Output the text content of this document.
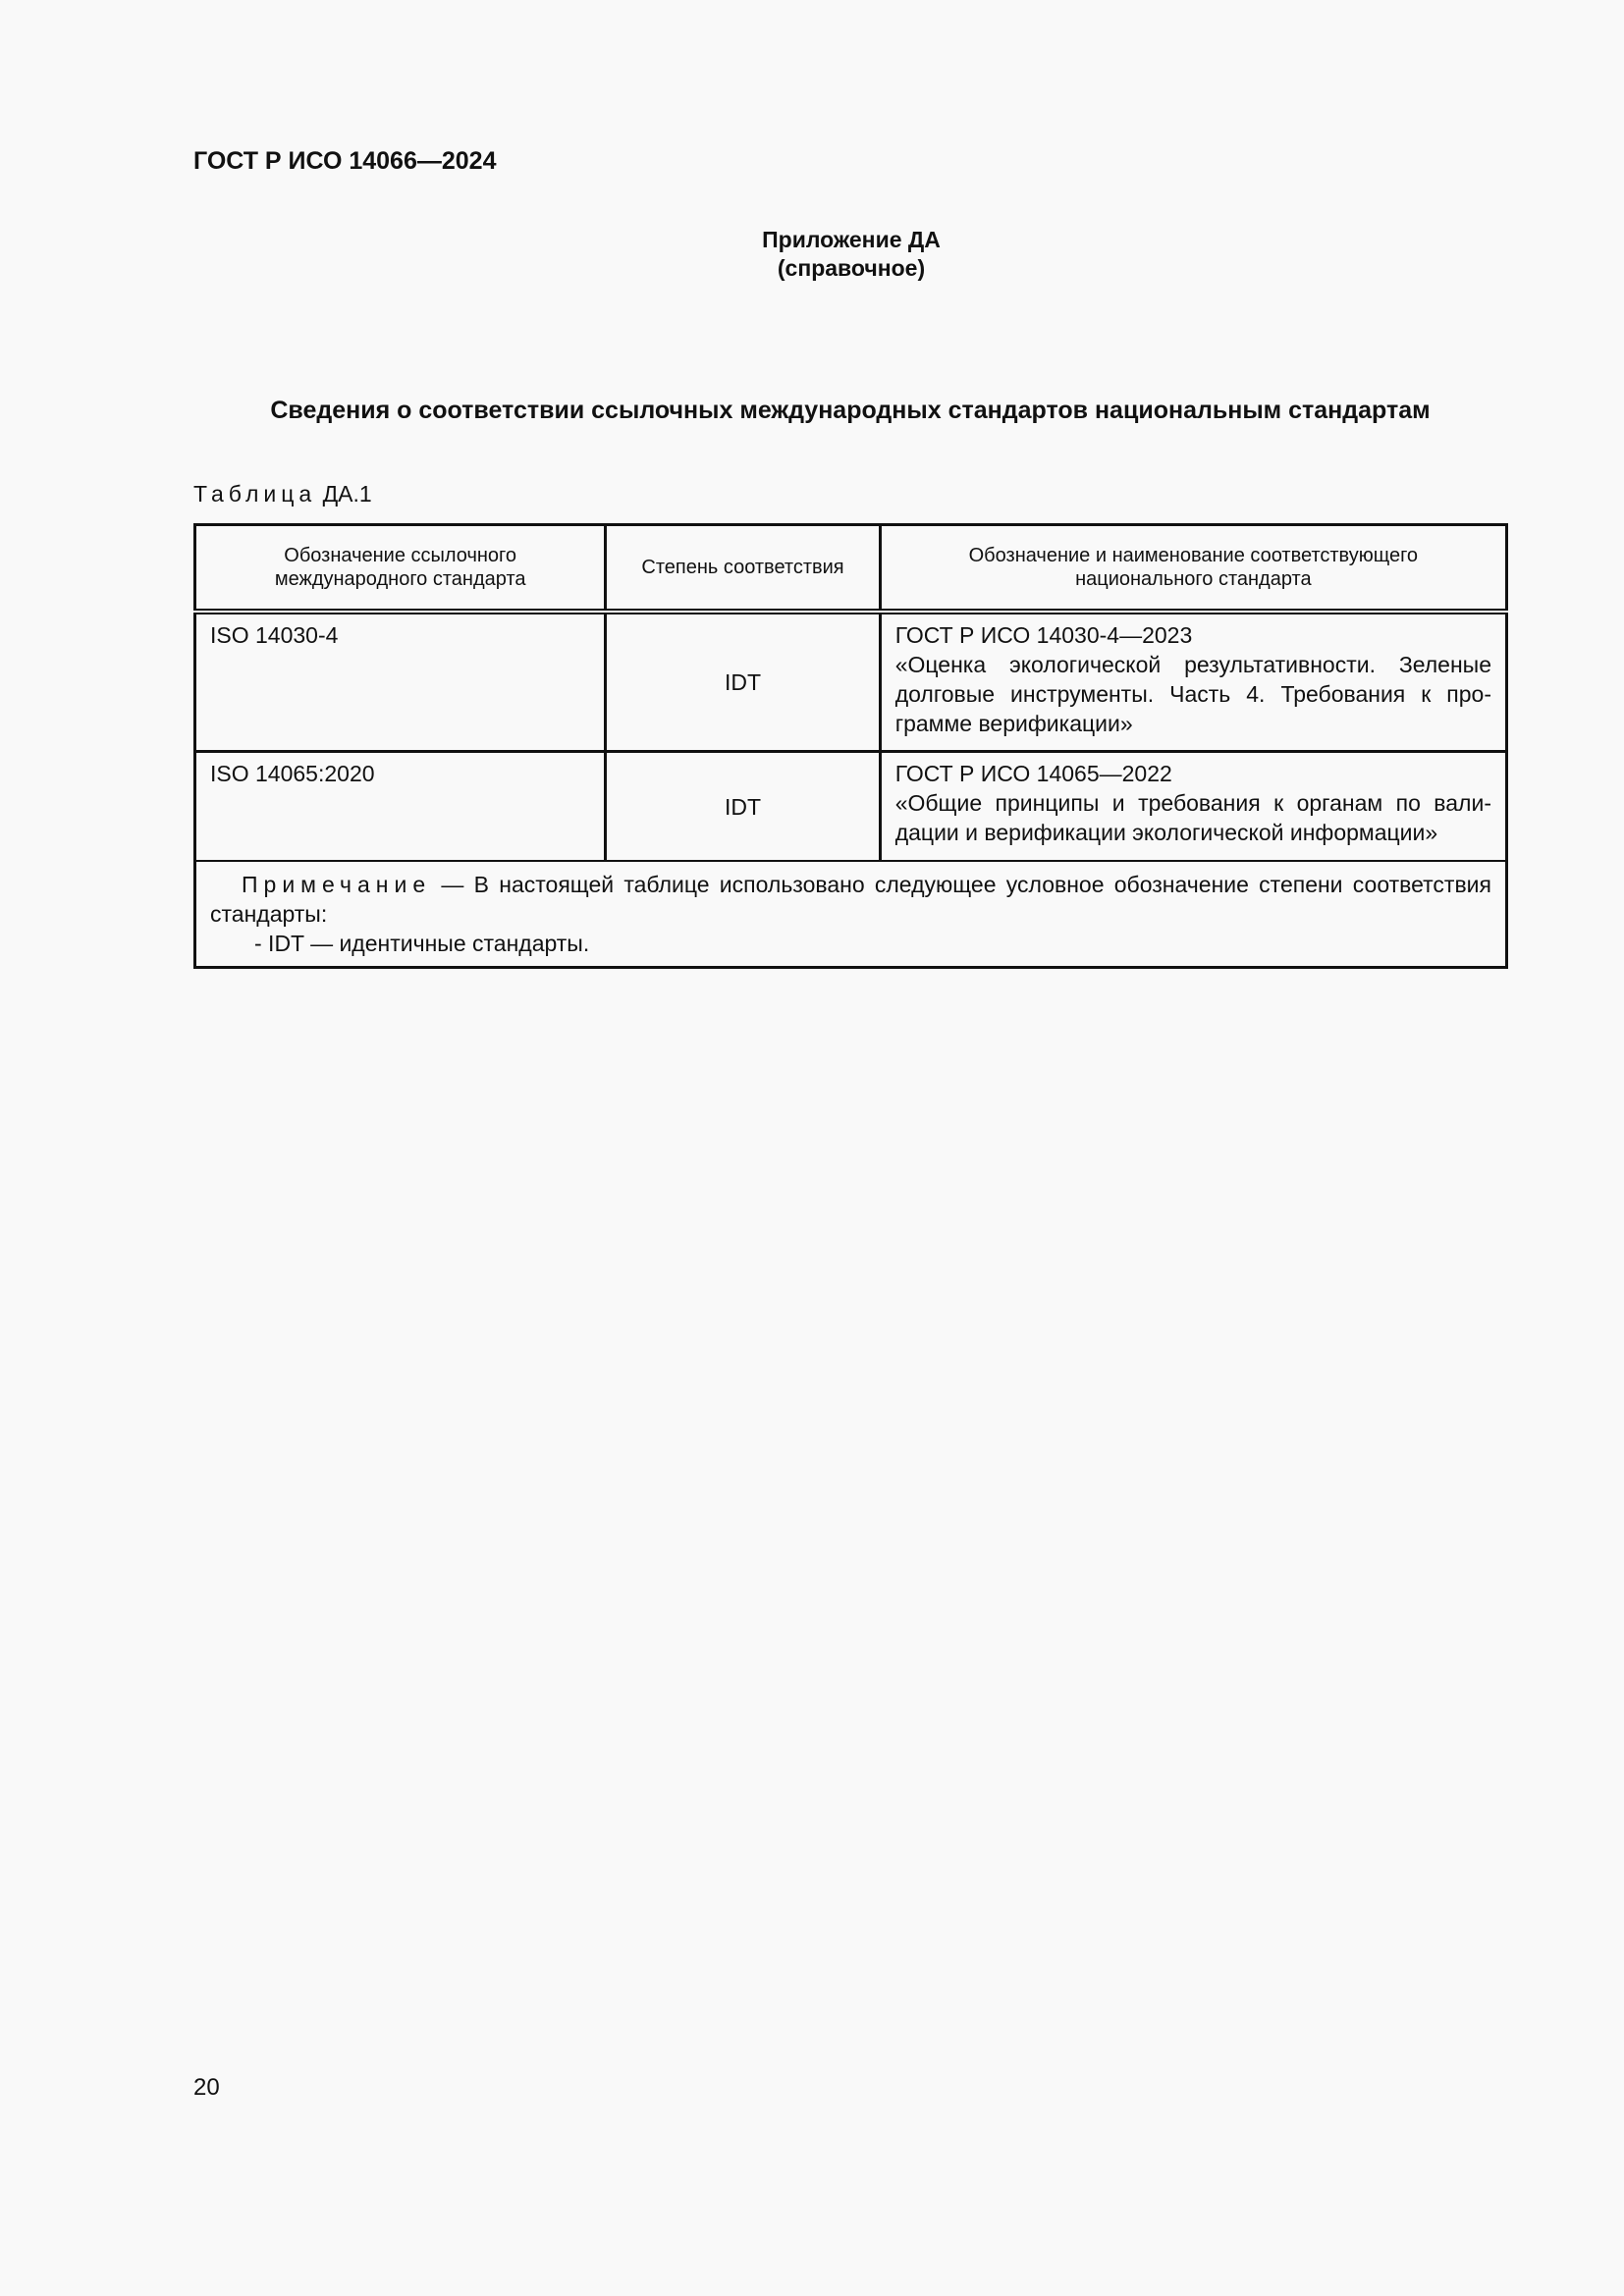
ГОСТ Р ИСО 14066—2024
Приложение ДА
(справочное)
Сведения о соответствии ссылочных международных стандартов национальным стандартам
Таблица ДА.1
Обозначение ссылочного международного стандарта	Степень соответствия	Обозначение и наименование соответствующего национального стандарта
ISO 14030-4	IDT	ГОСТ Р ИСО 14030-4—2023
«Оценка экологической результативности. Зеленые долговые инструменты. Часть 4. Требования к программе верификации»

ISO 14065:2020	IDT	ГОСТ Р ИСО 14065—2022
«Общие принципы и требования к органам по валидации и верификации экологической информации»

Примечание — В настоящей таблице использовано следующее условное обозначение степени соответствия стандарты:
- IDT — идентичные стандарты.		
20
